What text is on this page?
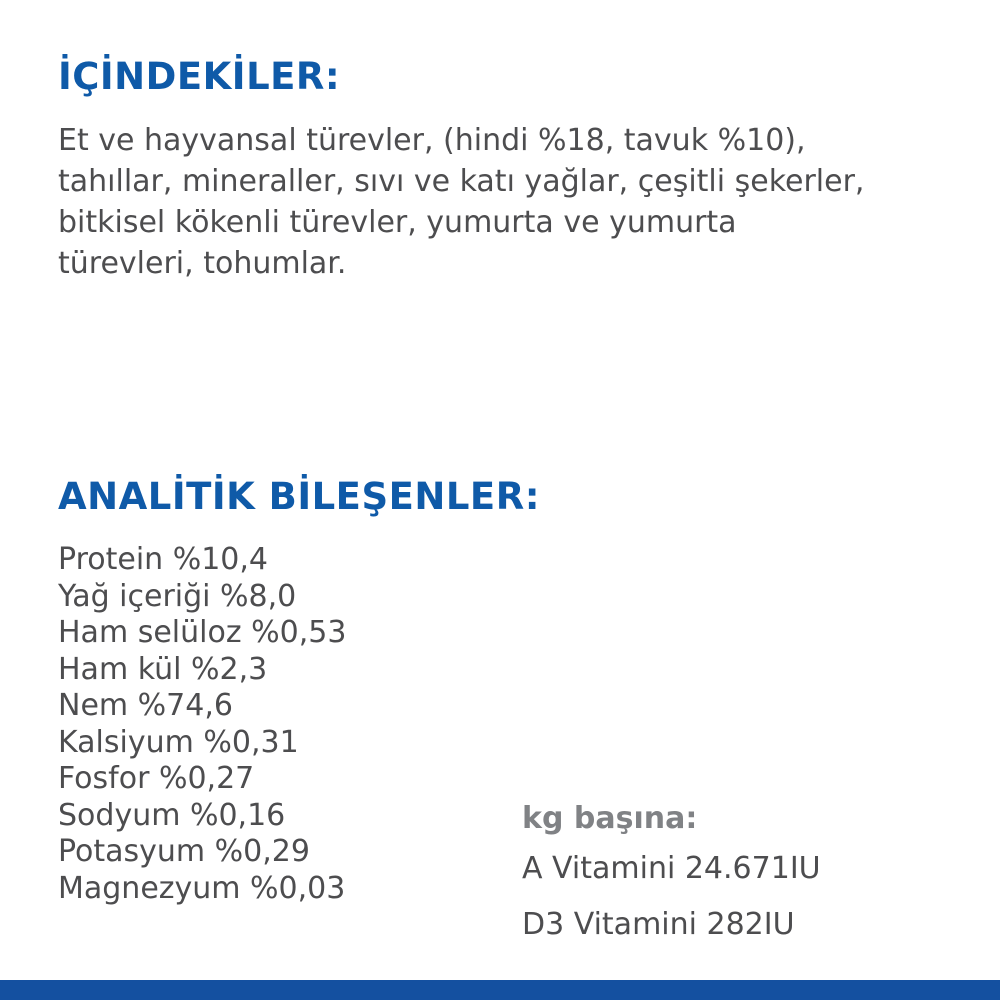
İÇİNDEKİLER:

Et ve hayvansal türevler, (hindi %18, tavuk %10),
tahıllar, mineraller, sıvı ve katı yağlar, çeşitli şekerler,
bitkisel kökenli türevler, yumurta ve yumurta
türevleri, tohumlar.

ANALİTİK BİLEŞENLER:
Protein %10,4
Yağ içeriği %8,0
Ham selüloz %0,53
Ham kül %2,3
Nem %74,6
Kalsiyum %0,31
Fosfor %0,27
Sodyum %0,16
Potasyum %0,29
Magnezyum %0,03
kg başına:
A Vitamini 24.671IU
D3 Vitamini 282IU
